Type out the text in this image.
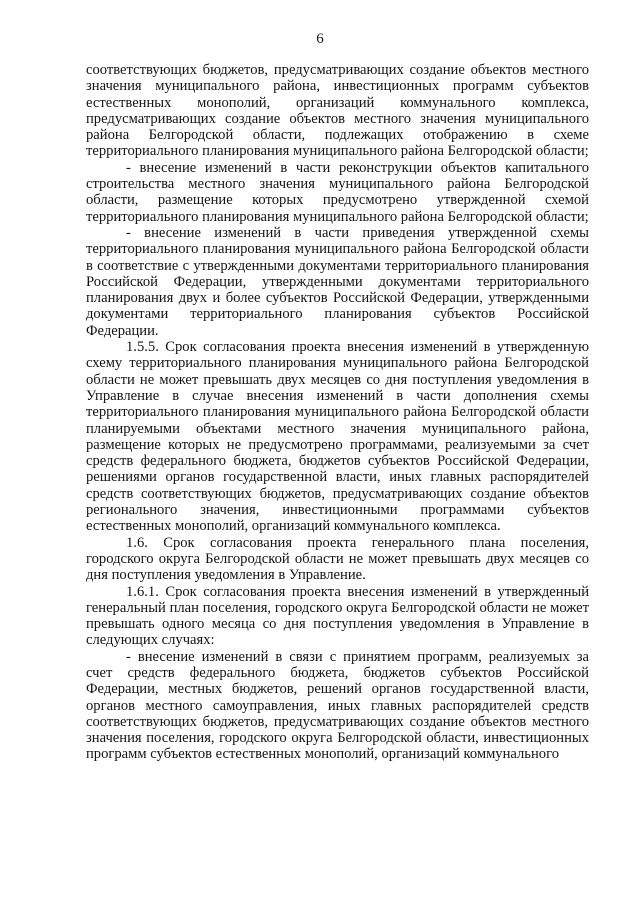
6

соответствующих бюджетов, предусматривающих создание объектов местного значения муниципального района, инвестиционных программ субъектов естественных монополий, организаций коммунального комплекса, предусматривающих создание объектов местного значения муниципального района Белгородской области, подлежащих отображению в схеме территориального планирования муниципального района Белгородской области;

- внесение изменений в части реконструкции объектов капитального строительства местного значения муниципального района Белгородской области, размещение которых предусмотрено утвержденной схемой территориального планирования муниципального района Белгородской области;

- внесение изменений в части приведения утвержденной схемы территориального планирования муниципального района Белгородской области в соответствие с утвержденными документами территориального планирования Российской Федерации, утвержденными документами территориального планирования двух и более субъектов Российской Федерации, утвержденными документами территориального планирования субъектов Российской Федерации.

1.5.5. Срок согласования проекта внесения изменений в утвержденную схему территориального планирования муниципального района Белгородской области не может превышать двух месяцев со дня поступления уведомления в Управление в случае внесения изменений в части дополнения схемы территориального планирования муниципального района Белгородской области планируемыми объектами местного значения муниципального района, размещение которых не предусмотрено программами, реализуемыми за счет средств федерального бюджета, бюджетов субъектов Российской Федерации, решениями органов государственной власти, иных главных распорядителей средств соответствующих бюджетов, предусматривающих создание объектов регионального значения, инвестиционными программами субъектов естественных монополий, организаций коммунального комплекса.

1.6. Срок согласования проекта генерального плана поселения, городского округа Белгородской области не может превышать двух месяцев со дня поступления уведомления в Управление.

1.6.1. Срок согласования проекта внесения изменений в утвержденный генеральный план поселения, городского округа Белгородской области не может превышать одного месяца со дня поступления уведомления в Управление в следующих случаях:

- внесение изменений в связи с принятием программ, реализуемых за счет средств федерального бюджета, бюджетов субъектов Российской Федерации, местных бюджетов, решений органов государственной власти, органов местного самоуправления, иных главных распорядителей средств соответствующих бюджетов, предусматривающих создание объектов местного значения поселения, городского округа Белгородской области, инвестиционных программ субъектов естественных монополий, организаций коммунального
